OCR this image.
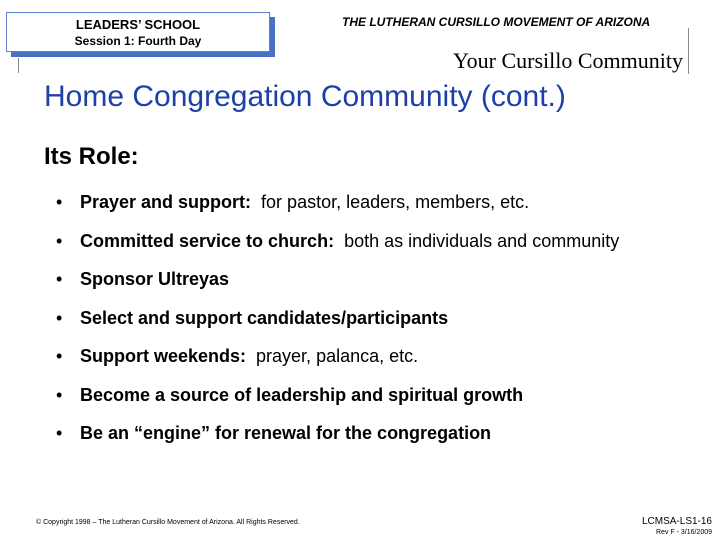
LEADERS’ SCHOOL
Session 1: Fourth Day
THE LUTHERAN CURSILLO MOVEMENT OF ARIZONA
Your Cursillo Community
Home Congregation Community (cont.)
Its Role:
• Prayer and support:  for pastor, leaders, members, etc.
• Committed service to church:  both as individuals and community
• Sponsor Ultreyas
• Select and support candidates/participants
• Support weekends:  prayer, palanca, etc.
• Become a source of leadership and spiritual growth
• Be an “engine” for renewal for the congregation
© Copyright 1998 – The Lutheran Cursillo Movement of Arizona. All Rights Reserved.	LCMSA-LS1-16
Rev F - 3/16/2009
